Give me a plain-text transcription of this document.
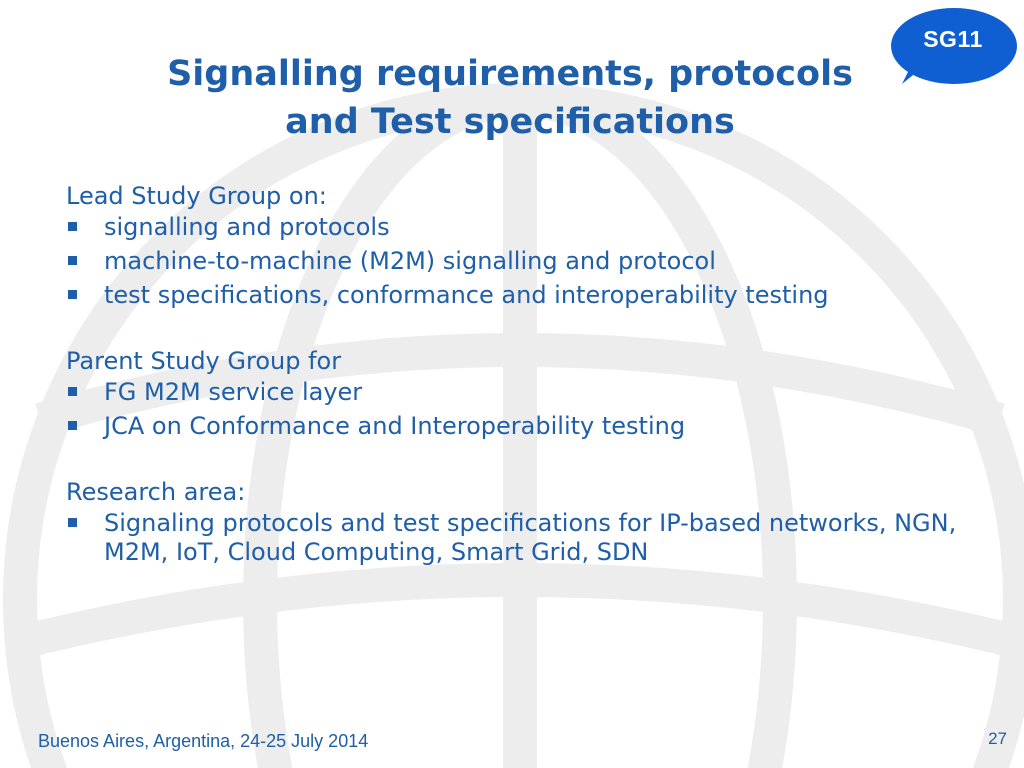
SG11
Signalling requirements, protocols
and Test specifications
Lead Study Group on:
signalling and protocols
machine-to-machine (M2M) signalling and protocol
test specifications, conformance and interoperability testing
Parent Study Group for
FG M2M service layer
JCA on Conformance and Interoperability testing
Research area:
Signaling protocols and test specifications for IP-based networks, NGN, M2M, IoT, Cloud Computing, Smart Grid, SDN
Buenos Aires, Argentina, 24-25 July 2014	27
